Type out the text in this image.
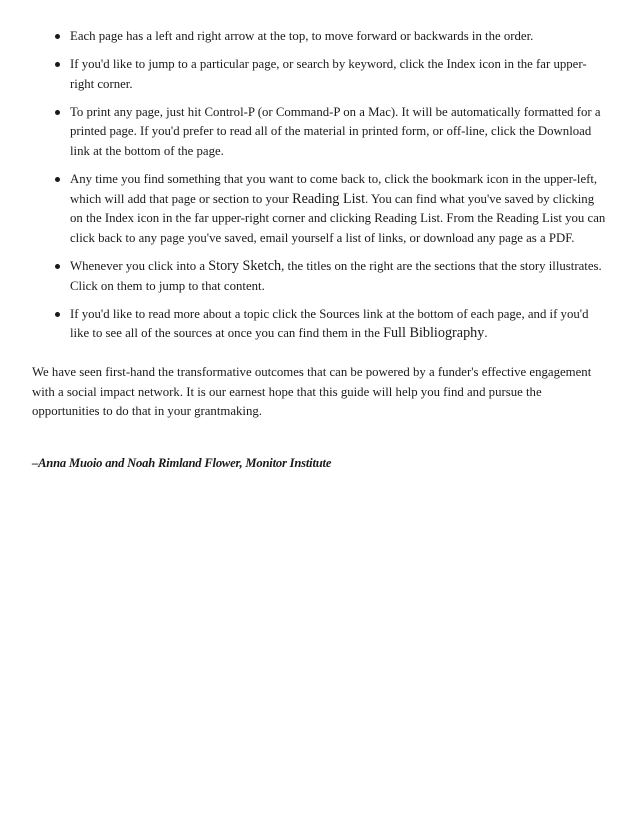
Each page has a left and right arrow at the top, to move forward or backwards in the order.
If you'd like to jump to a particular page, or search by keyword, click the Index icon in the far upper-right corner.
To print any page, just hit Control-P (or Command-P on a Mac). It will be automatically formatted for a printed page. If you'd prefer to read all of the material in printed form, or off-line, click the Download link at the bottom of the page.
Any time you find something that you want to come back to, click the bookmark icon in the upper-left, which will add that page or section to your Reading List. You can find what you've saved by clicking on the Index icon in the far upper-right corner and clicking Reading List. From the Reading List you can click back to any page you've saved, email yourself a list of links, or download any page as a PDF.
Whenever you click into a Story Sketch, the titles on the right are the sections that the story illustrates. Click on them to jump to that content.
If you'd like to read more about a topic click the Sources link at the bottom of each page, and if you'd like to see all of the sources at once you can find them in the Full Bibliography.

We have seen first-hand the transformative outcomes that can be powered by a funder's effective engagement with a social impact network. It is our earnest hope that this guide will help you find and pursue the opportunities to do that in your grantmaking.

–Anna Muoio and Noah Rimland Flower, Monitor Institute
